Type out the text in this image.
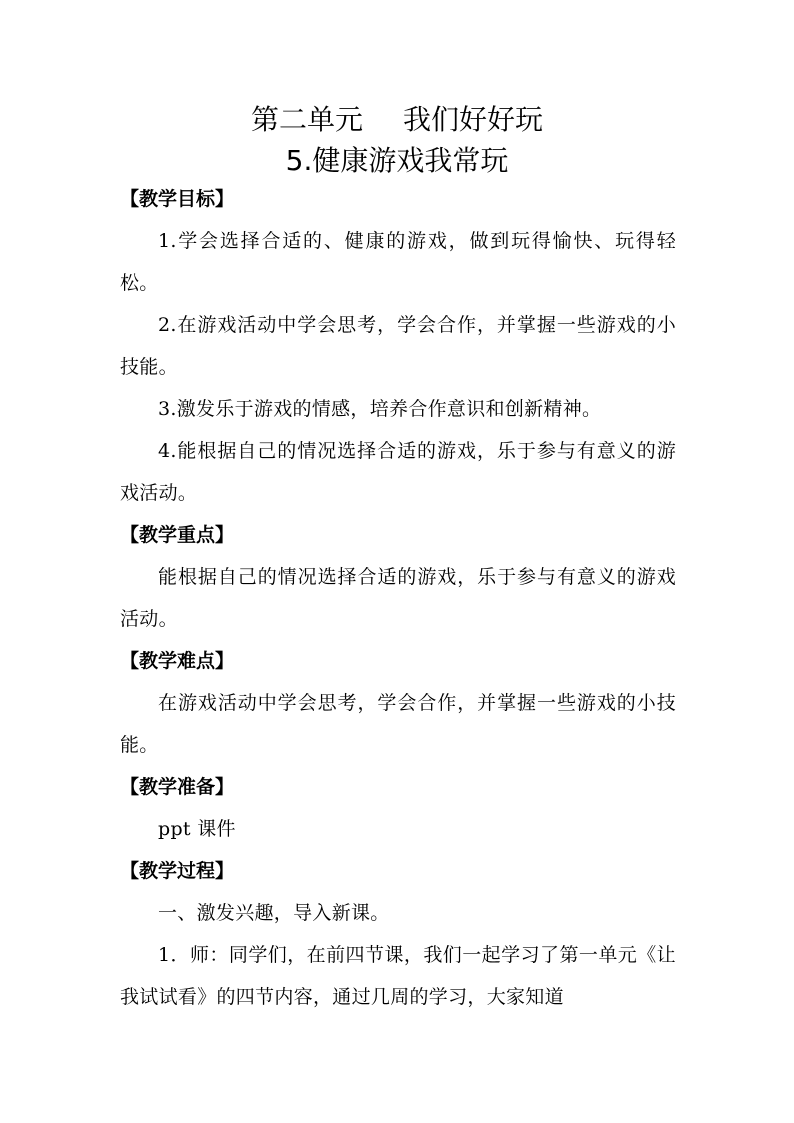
第二单元 我们好好玩
5.健康游戏我常玩

【教学目标】

1.学会选择合适的、健康的游戏，做到玩得愉快、玩得轻松。

2.在游戏活动中学会思考，学会合作，并掌握一些游戏的小技能。

3.激发乐于游戏的情感，培养合作意识和创新精神。

4.能根据自己的情况选择合适的游戏，乐于参与有意义的游戏活动。

【教学重点】

能根据自己的情况选择合适的游戏，乐于参与有意义的游戏活动。

【教学难点】

在游戏活动中学会思考，学会合作，并掌握一些游戏的小技能。

【教学准备】

ppt 课件

【教学过程】

一、激发兴趣，导入新课。

1．师：同学们，在前四节课，我们一起学习了第一单元《让我试试看》的四节内容，通过几周的学习，大家知道
